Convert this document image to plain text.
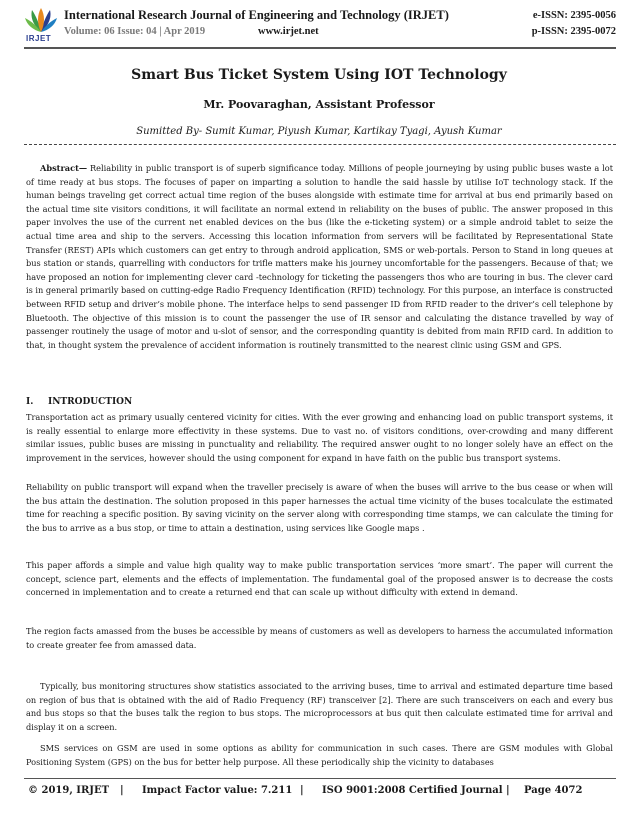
IRJET
International Research Journal of Engineering and Technology (IRJET)
Volume: 06 Issue: 04 | Apr 2019	www.irjet.net
e-ISSN: 2395-0056
p-ISSN: 2395-0072
Smart Bus Ticket System Using IOT Technology
Mr. Poovaraghan, Assistant Professor
Sumitted By- Sumit Kumar, Piyush Kumar, Kartikay Tyagi, Ayush Kumar

Abstract— Reliability in public transport is of superb significance today. Millions of people journeying by using public buses waste a lot of time ready at bus stops. The focuses of paper on imparting a solution to handle the said hassle by utilise IoT technology stack. If the human beings traveling get correct actual time region of the buses alongside with estimate time for arrival at bus end primarily based on the actual time site visitors conditions, it will facilitate an normal extend in reliability on the buses of public. The answer proposed in this paper involves the use of the current net enabled devices on the bus (like the e-ticketing system) or a simple android tablet to seize the actual time area and ship to the servers. Accessing this location information from servers will be facilitated by Representational State Transfer (REST) APIs which customers can get entry to through android application, SMS or web-portals. Person to Stand in long queues at bus station or stands, quarrelling with conductors for trifle matters make his journey uncomfortable for the passengers. Because of that; we have proposed an notion for implementing clever card -technology for ticketing the passengers thos who are touring in bus. The clever card is in general primarily based on cutting-edge Radio Frequency Identification (RFID) technology. For this purpose, an interface is constructed between RFID setup and driver’s mobile phone. The interface helps to send passenger ID from RFID reader to the driver’s cell telephone by Bluetooth. The objective of this mission is to count the passenger the use of IR sensor and calculating the distance travelled by way of passenger routinely the usage of motor and u-slot of sensor, and the corresponding quantity is debited from main RFID card. In addition to that, in thought system the prevalence of accident information is routinely transmitted to the nearest clinic using GSM and GPS.

I. INTRODUCTION

Transportation act as primary usually centered vicinity for cities. With the ever growing and enhancing load on public transport systems, it is really essential to enlarge more effectivity in these systems. Due to vast no. of visitors conditions, over-crowding and many different similar issues, public buses are missing in punctuality and reliability. The required answer ought to no longer solely have an effect on the improvement in the services, however should the using component for expand in have faith on the public bus transport systems.

Reliability on public transport will expand when the traveller precisely is aware of when the buses will arrive to the bus cease or when will the bus attain the destination. The solution proposed in this paper harnesses the actual time vicinity of the buses tocalculate the estimated time for reaching a specific position. By saving vicinity on the server along with corresponding time stamps, we can calculate the timing for the bus to arrive as a bus stop, or time to attain a destination, using services like Google maps .

This paper affords a simple and value high quality way to make public transportation services ‘more smart’. The paper will current the concept, science part, elements and the effects of implementation. The fundamental goal of the proposed answer is to decrease the costs concerned in implementation and to create a returned end that can scale up without difficulty with extend in demand.

The region facts amassed from the buses be accessible by means of customers as well as developers to harness the accumulated information to create greater fee from amassed data.

Typically, bus monitoring structures show statistics associated to the arriving buses, time to arrival and estimated departure time based on region of bus that is obtained with the aid of Radio Frequency (RF) transceiver [2]. There are such transceivers on each and every bus and bus stops so that the buses talk the region to bus stops. The microprocessors at bus quit then calculate estimated time for arrival and display it on a screen.

SMS services on GSM are used in some options as ability for communication in such cases. There are GSM modules with Global Positioning System (GPS) on the bus for better help purpose. All these periodically ship the vicinity to databases

© 2019, IRJET | Impact Factor value: 7.211 | ISO 9001:2008 Certified Journal | Page 4072
